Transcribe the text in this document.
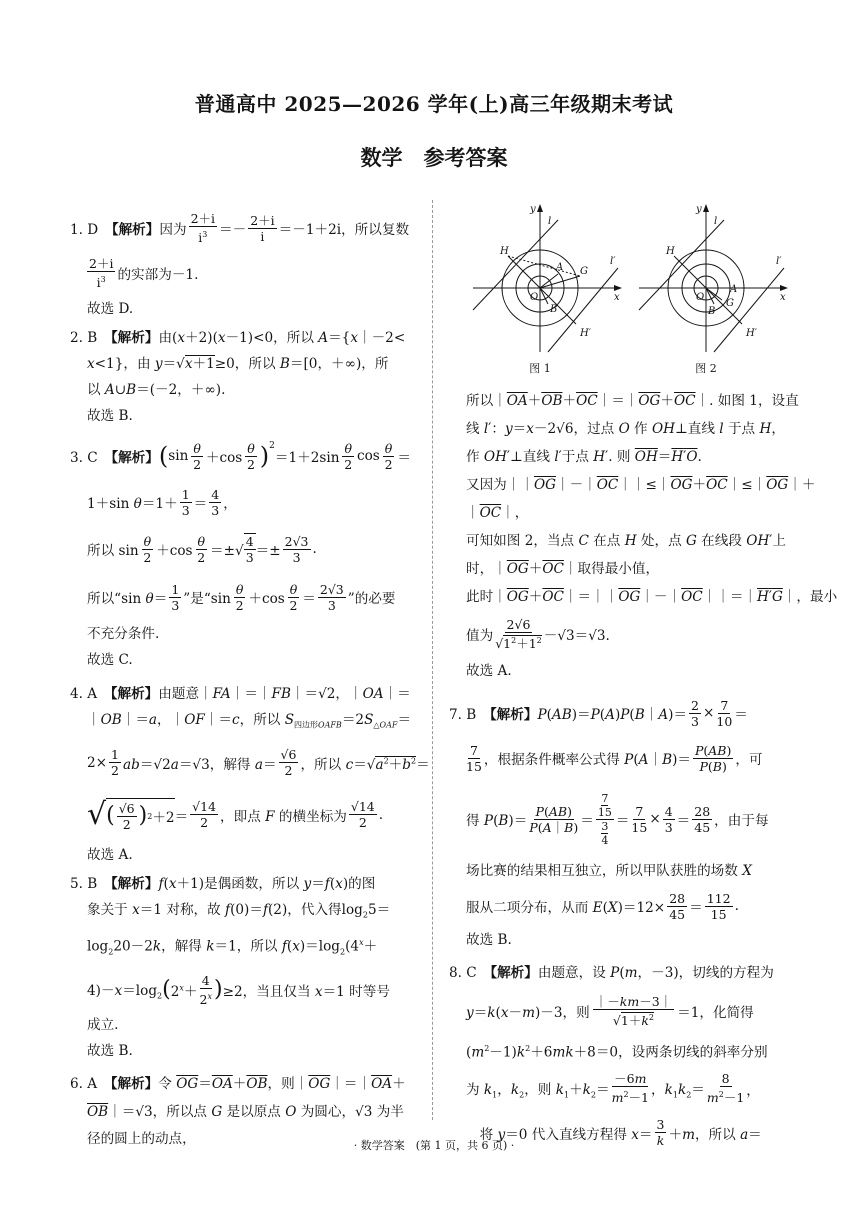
普通高中 2025—2026 学年(上)高三年级期末考试
数学　参考答案
1. D　【解析】因为
2＋i
$i^3$ ＝－
2＋i
i ＝－1＋2i，所以复数
2＋i
$i^3$ 的实部为－1.

故选 D.

2. B　【解析】由(x＋2)(x－1)<0，所以 A＝{x｜－2<

x<1}，由 y＝√x＋1≥0，所以 B＝[0，＋∞)，所

以 A∪B＝(－2，＋∞).

故选 B.

3. C　【解析】 ( sin θ
2 ＋cos
θ
2 )$^2$
＝1＋2sin
θ
2 cos θ
2 ＝
1＋sin θ＝1＋
1
3 ＝
4
3 ，
所以 sin
θ
2 ＋cos
θ
2 ＝±√
4
$3 =\pm \frac{2√3}{3}$ .
所以“sin θ＝
1
3 ”是“sin
θ
2 ＋cos
θ
2 ＝
2√3
3 ”的必要

不充分条件.

故选 C.

4. A　【解析】由题意｜FA｜＝｜FB｜＝√2，｜OA｜＝

｜OB｜＝a，｜OF｜＝c，所以 $S_{四边形OAFB}=2S_{\triangle OAF}=$

$2\times \frac{1}{2} ab=√2a=√3$，解得 a＝
√6
2 ，所以 $c=√a^2+b^2=$
√ ( √6
2 ) 2 ＋2 ＝
√14
2 ，即点 F 的横坐标为
√14
2 .

故选 A.

5. B　【解析】f(x＋1)是偶函数，所以 y＝f(x)的图

象关于 x＝1 对称，故 f(0)＝f(2)，代入得$\log_25=$

$\log_220-2k$，解得 k＝1，所以 $f(x)=\log_2(4^x+$

$4)-x=\log_2$ ( $2^x+$
4
2$^x$ ) ≥2，当且仅当 x＝1 时等号

成立.

故选 B.

6. A　【解析】令 $\overline{OG}=\overline{OA}+\overline{OB}$，则$|\overline{OG}|=|\overline{OA}+$

$\overline{OB}|=√3$，所以点 G 是以原点 O 为圆心，√3 为半

径的圆上的动点，

y
x
O
A
B
G
H
H′
l
l′
图 1
y
x
O
A
B
G
H
H′
l
l′
图 2

所以$|\overline{OA}+\overline{OB}+\overline{OC}|=|\overline{OG}+\overline{OC}|$. 如图 1，设直

线 l′：y＝x－2√6，过点 O 作 OH⊥直线 l 于点 H，

作 OH′⊥直线 l′于点 H′. 则 $\overline{OH}=H'O$.

又因为$||\overline{OG}|-|\overline{OC}||\le|\overline{OG}+\overline{OC}|\le|\overline{OG}|+$

$|\overline{OC}|$，

可知如图 2，当点 C 在点 H 处，点 G 在线段 OH′上

时，$|\overline{OG}+\overline{OC}|$取得最小值，

此时$|\overline{OG}+\overline{OC}|=||\overline{OG}|-|\overline{OC}||=|H'G|$，最小

值为
2√6
$√1^2+1^2 -√3=√3$.

故选 A.

7. B　【解析】P(AB)＝P(A)P(B｜A)＝ $\frac{2}{3} \times \frac{7}{10}$ ＝
7
15 ，根据条件概率公式得 P(A｜B)＝
P(AB)
P(B) ，可
得 P(B)＝
P(AB)
P(A｜B) ＝
7
15
3
4
＝ $\frac{7}{15} \times \frac{4}{3}$ ＝
28
45 ，由于每

场比赛的结果相互独立，所以甲队获胜的场数 X

服从二项分布，从而 $E(X)=12\times \frac{28}{45}$ ＝
112
15 .

故选 B.

8. C　【解析】由题意，设 P(m，－3)，切线的方程为

y＝k(x－m)－3，则
｜－km－3｜
$√1+k^2 =1$，化简得

$(m^2-1)k^2+6mk+8=0$，设两条切线的斜率分别

为 $k_1$，$k_2$，则 $k_1+k_2=$
－6m
$m^2-1$
，$k_1k_2=$
8
$m^2-1$ ，
　将 y＝0 代入直线方程得 x＝
3
k ＋m，所以 a＝
· 数学答案　(第 1 页，共 6 页) ·
